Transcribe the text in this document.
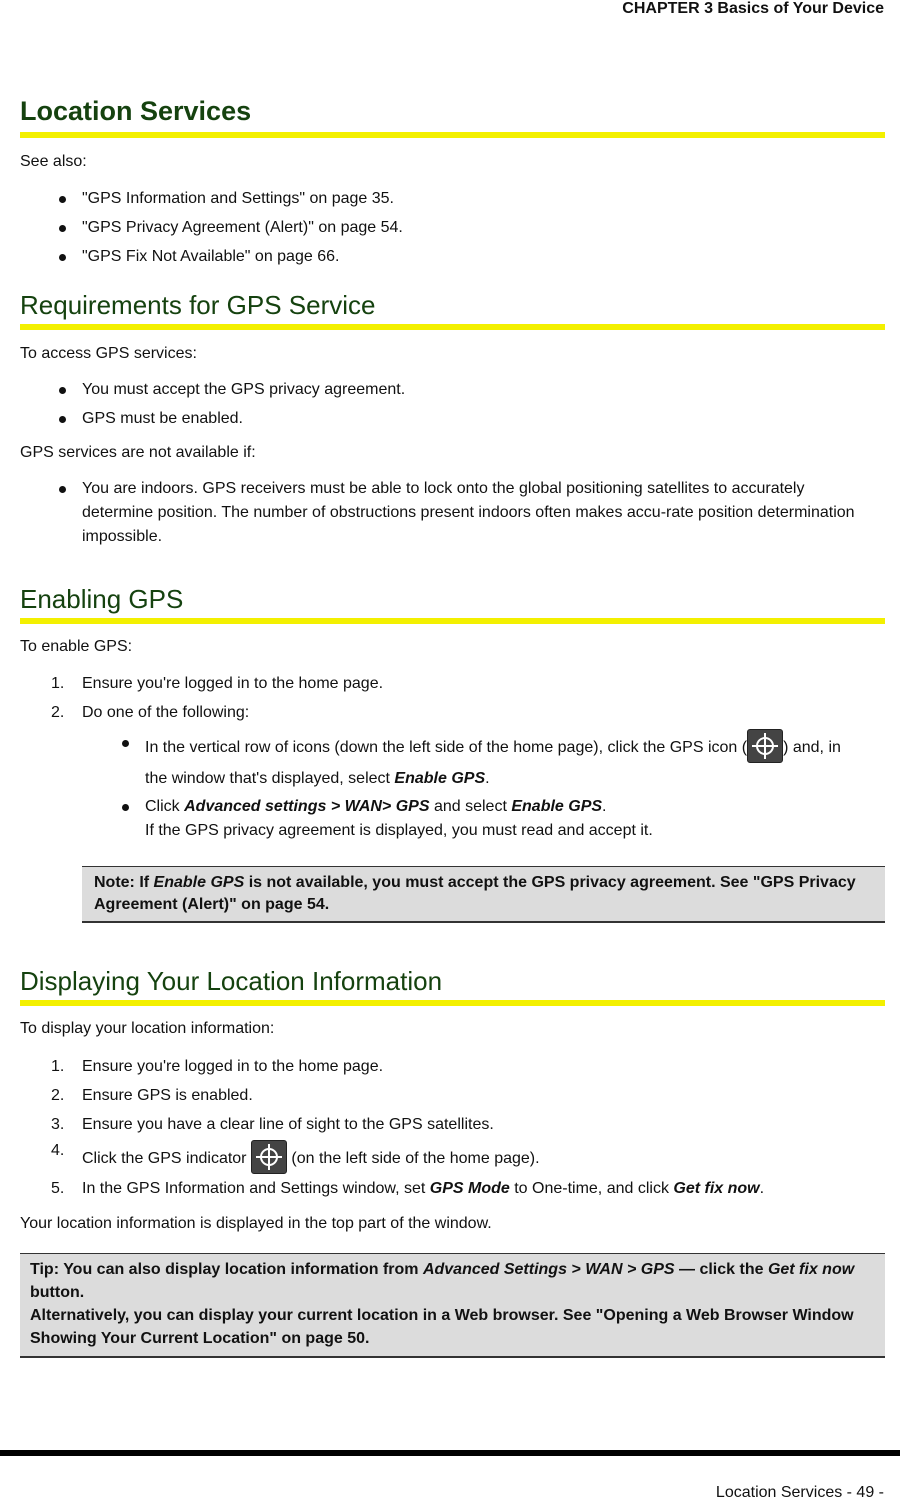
CHAPTER 3 Basics of Your Device
Location Services

See also:

"GPS Information and Settings" on page 35.
"GPS Privacy Agreement (Alert)" on page 54.
"GPS Fix Not Available" on page 66.
Requirements for GPS Service

To access GPS services:

You must accept the GPS privacy agreement.
GPS must be enabled.

GPS services are not available if:

You are indoors. GPS receivers must be able to lock onto the global positioning satellites to accurately determine position. The number of obstructions present indoors often makes accu-rate position determination impossible.
Enabling GPS

To enable GPS:

1. Ensure you're logged in to the home page.
2. Do one of the following:
In the vertical row of icons (down the left side of the home page), click the GPS icon ( ) and, in the window that's displayed, select Enable GPS.
Click Advanced settings > WAN> GPS and select Enable GPS.
If the GPS privacy agreement is displayed, you must read and accept it.
Note: If Enable GPS is not available, you must accept the GPS privacy agreement. See "GPS Privacy Agreement (Alert)" on page 54.
Displaying Your Location Information

To display your location information:

1. Ensure you're logged in to the home page.
2. Ensure GPS is enabled.
3. Ensure you have a clear line of sight to the GPS satellites.
4. Click the GPS indicator
(on the left side of the home page).
5. In the GPS Information and Settings window, set GPS Mode to One-time, and click Get fix now.

Your location information is displayed in the top part of the window.

Tip: You can also display location information from Advanced Settings > WAN > GPS — click the Get fix now button.
Alternatively, you can display your current location in a Web browser. See "Opening a Web Browser Window Showing Your Current Location" on page 50.
Location Services - 49 -
